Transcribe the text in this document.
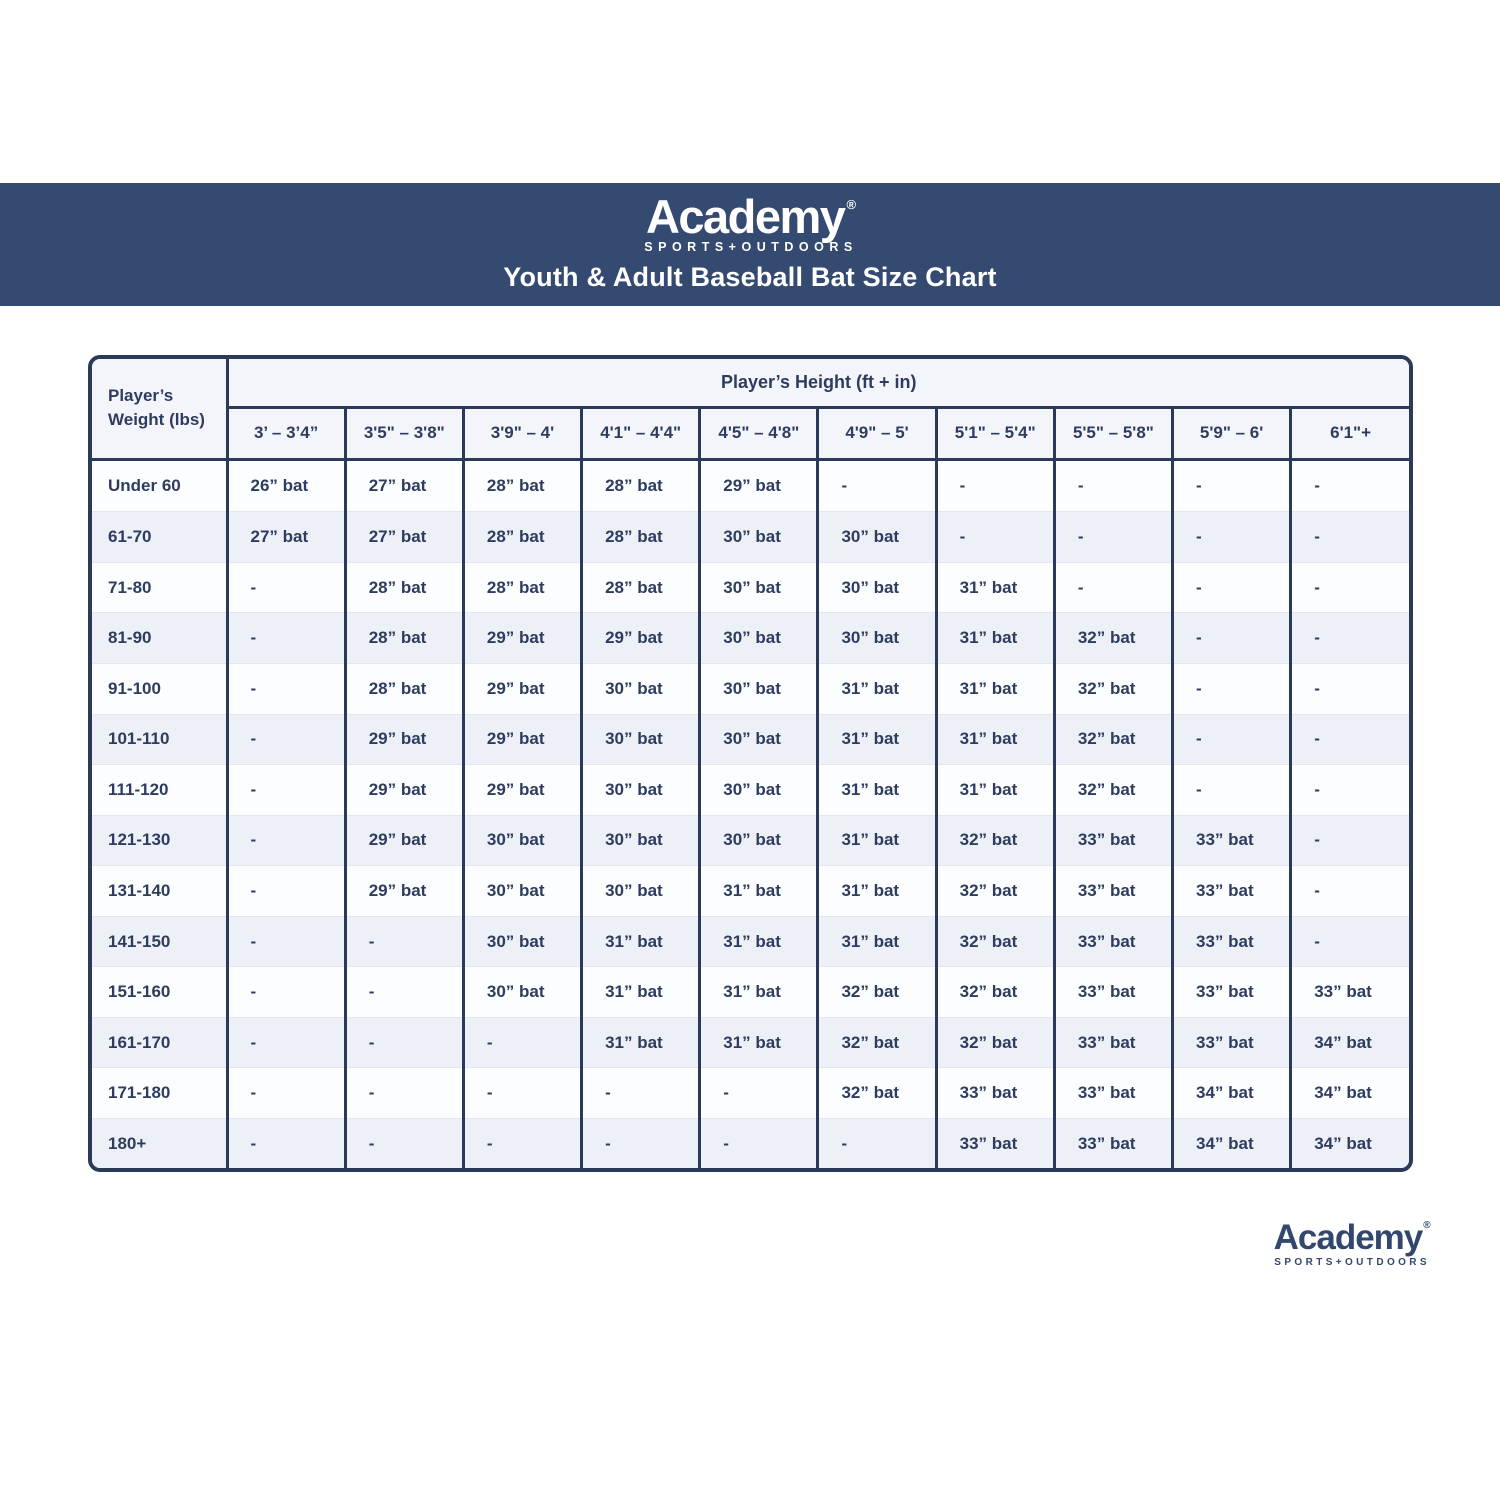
Academy ®
SPORTS+OUTDOORS
Youth & Adult Baseball Bat Size Chart
Player’s Weight (lbs)	Player’s Height (ft + in)									
	3’ – 3’4”	3'5" – 3'8"	3'9" – 4'	4'1" – 4'4"	4'5" – 4'8"	4'9" – 5'	5'1" – 5'4"	5'5" – 5'8"	5'9" – 6'	6'1"+
Under 60	26” bat	27” bat	28” bat	28” bat	29” bat	-	-	-	-	-
61-70	27” bat	27” bat	28” bat	28” bat	30” bat	30” bat	-	-	-	-
71-80	-	28” bat	28” bat	28” bat	30” bat	30” bat	31” bat	-	-	-
81-90	-	28” bat	29” bat	29” bat	30” bat	30” bat	31” bat	32” bat	-	-
91-100	-	28” bat	29” bat	30” bat	30” bat	31” bat	31” bat	32” bat	-	-
101-110	-	29” bat	29” bat	30” bat	30” bat	31” bat	31” bat	32” bat	-	-
111-120	-	29” bat	29” bat	30” bat	30” bat	31” bat	31” bat	32” bat	-	-
121-130	-	29” bat	30” bat	30” bat	30” bat	31” bat	32” bat	33” bat	33” bat	-
131-140	-	29” bat	30” bat	30” bat	31” bat	31” bat	32” bat	33” bat	33” bat	-
141-150	-	-	30” bat	31” bat	31” bat	31” bat	32” bat	33” bat	33” bat	-
151-160	-	-	30” bat	31” bat	31” bat	32” bat	32” bat	33” bat	33” bat	33” bat
161-170	-	-	-	31” bat	31” bat	32” bat	32” bat	33” bat	33” bat	34” bat
171-180	-	-	-	-	-	32” bat	33” bat	33” bat	34” bat	34” bat
180+	-	-	-	-	-	-	33” bat	33” bat	34” bat	34” bat
Academy®
SPORTS+OUTDOORS
